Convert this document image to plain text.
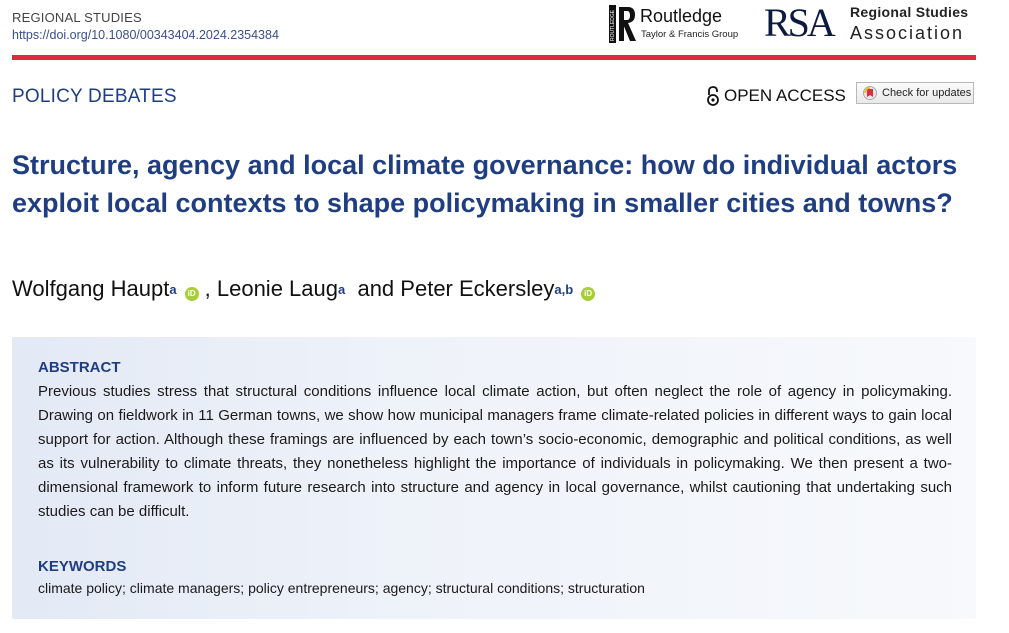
REGIONAL STUDIES
https://doi.org/10.1080/00343404.2024.2354384	ROUTLEDGE Routledge
Taylor & Francis Group RSA Regional Studies
Association
POLICY DEBATES	OPEN ACCESS	Check for updates
Structure, agency and local climate governance: how do individual actors exploit local contexts to shape policymaking in smaller cities and towns?
Wolfgang Haupt$^a$	iD ,
Leonie Laug$^a$
and
Peter Eckersley$^{a,b}$	iD
ABSTRACT

Previous studies stress that structural conditions influence local climate action, but often neglect the role of agency in policymaking. Drawing on fieldwork in 11 German towns, we show how municipal managers frame climate-related policies in different ways to gain local support for action. Although these framings are influenced by each town’s socio-economic, demographic and political conditions, as well as its vulnerability to climate threats, they nonetheless highlight the importance of individuals in policymaking. We then present a two-dimensional framework to inform future research into structure and agency in local governance, whilst cautioning that undertaking such studies can be difficult.

KEYWORDS
climate policy; climate managers; policy entrepreneurs; agency; structural conditions; structuration
